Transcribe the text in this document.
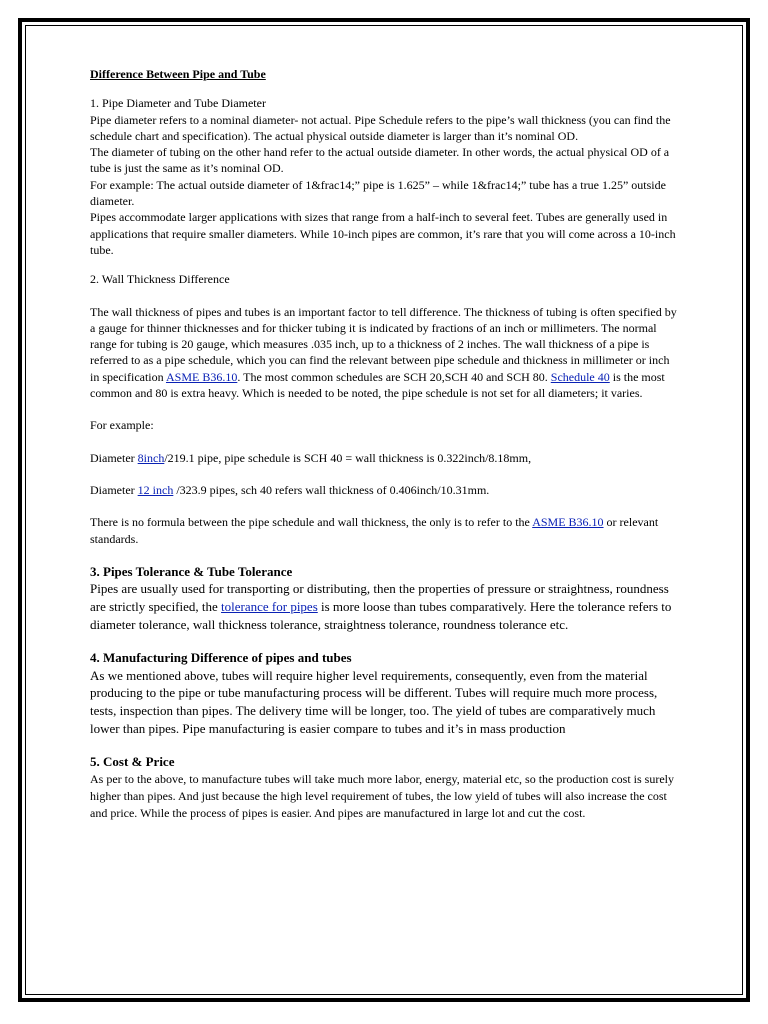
Difference Between Pipe and Tube

1. Pipe Diameter and Tube Diameter

Pipe diameter refers to a nominal diameter- not actual. Pipe Schedule refers to the pipe’s wall thickness (you can find the schedule chart and specification). The actual physical outside diameter is larger than it’s nominal OD.

The diameter of tubing on the other hand refer to the actual outside diameter. In other words, the actual physical OD of a tube is just the same as it’s nominal OD.

For example: The actual outside diameter of 1&frac14;” pipe is 1.625” – while 1&frac14;” tube has a true 1.25” outside diameter.

Pipes accommodate larger applications with sizes that range from a half-inch to several feet. Tubes are generally used in applications that require smaller diameters. While 10-inch pipes are common, it’s rare that you will come across a 10-inch tube.

2. Wall Thickness Difference

The wall thickness of pipes and tubes is an important factor to tell difference. The thickness of tubing is often specified by a gauge for thinner thicknesses and for thicker tubing it is indicated by fractions of an inch or millimeters. The normal range for tubing is 20 gauge, which measures .035 inch, up to a thickness of 2 inches. The wall thickness of a pipe is referred to as a pipe schedule, which you can find the relevant between pipe schedule and thickness in millimeter or inch in specification ASME B36.10. The most common schedules are SCH 20,SCH 40 and SCH 80. Schedule 40 is the most common and 80 is extra heavy. Which is needed to be noted, the pipe schedule is not set for all diameters; it varies.

For example:

Diameter 8inch/219.1 pipe, pipe schedule is SCH 40 = wall thickness is 0.322inch/8.18mm,

Diameter 12 inch /323.9 pipes, sch 40 refers wall thickness of 0.406inch/10.31mm.

There is no formula between the pipe schedule and wall thickness, the only is to refer to the ASME B36.10 or relevant standards.

3. Pipes Tolerance & Tube Tolerance

Pipes are usually used for transporting or distributing, then the properties of pressure or straightness, roundness are strictly specified, the tolerance for pipes is more loose than tubes comparatively. Here the tolerance refers to diameter tolerance, wall thickness tolerance, straightness tolerance, roundness tolerance etc.

4. Manufacturing Difference of pipes and tubes

As we mentioned above, tubes will require higher level requirements, consequently, even from the material producing to the pipe or tube manufacturing process will be different. Tubes will require much more process, tests, inspection than pipes. The delivery time will be longer, too. The yield of tubes are comparatively much lower than pipes. Pipe manufacturing is easier compare to tubes and it’s in mass production

5. Cost & Price

As per to the above, to manufacture tubes will take much more labor, energy, material etc, so the production cost is surely higher than pipes. And just because the high level requirement of tubes, the low yield of tubes will also increase the cost and price. While the process of pipes is easier. And pipes are manufactured in large lot and cut the cost.
